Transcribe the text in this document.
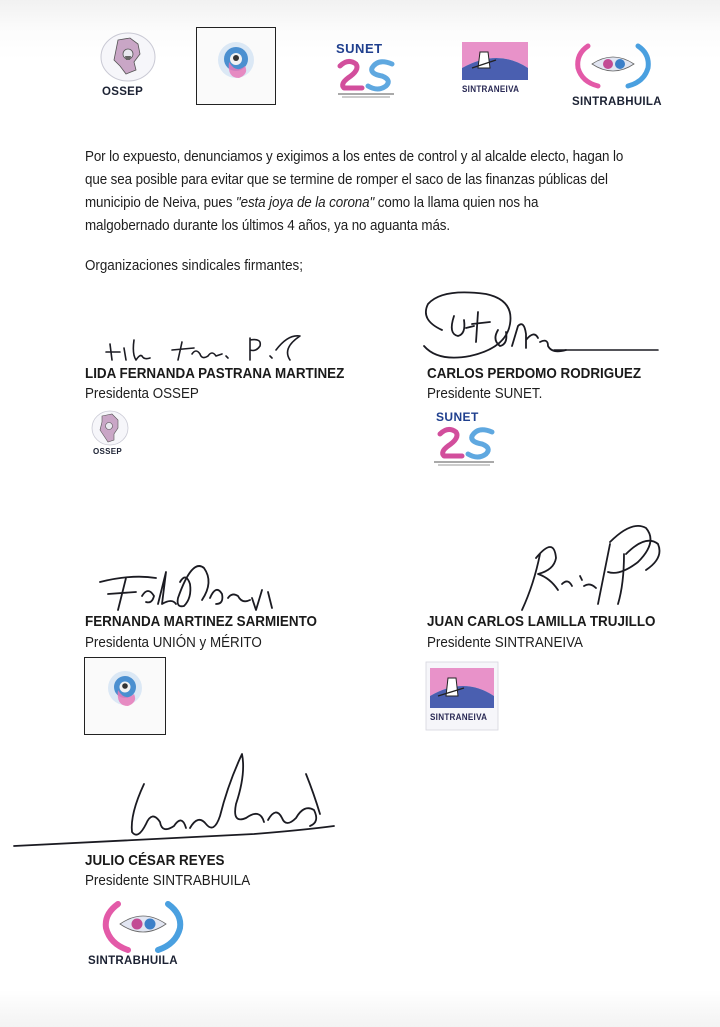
OSSEP
SUNET
SINTRANEIVA
SINTRABHUILA
Por lo expuesto, denunciamos y exigimos a los entes de control y al alcalde electo, hagan lo que sea posible para evitar que se termine de romper el saco de las finanzas públicas del municipio de Neiva, pues "esta joya de la corona" como la llama quien nos ha malgobernado durante los últimos 4 años, ya no aguanta más.
Organizaciones sindicales firmantes;
LIDA FERNANDA PASTRANA MARTINEZ
Presidenta OSSEP
OSSEP
CARLOS PERDOMO RODRIGUEZ
Presidente SUNET.
SUNET
FERNANDA MARTINEZ SARMIENTO
Presidenta UNIÓN y MÉRITO
JUAN CARLOS LAMILLA TRUJILLO
Presidente SINTRANEIVA
SINTRANEIVA
JULIO CÉSAR REYES
Presidente SINTRABHUILA
SINTRABHUILA
